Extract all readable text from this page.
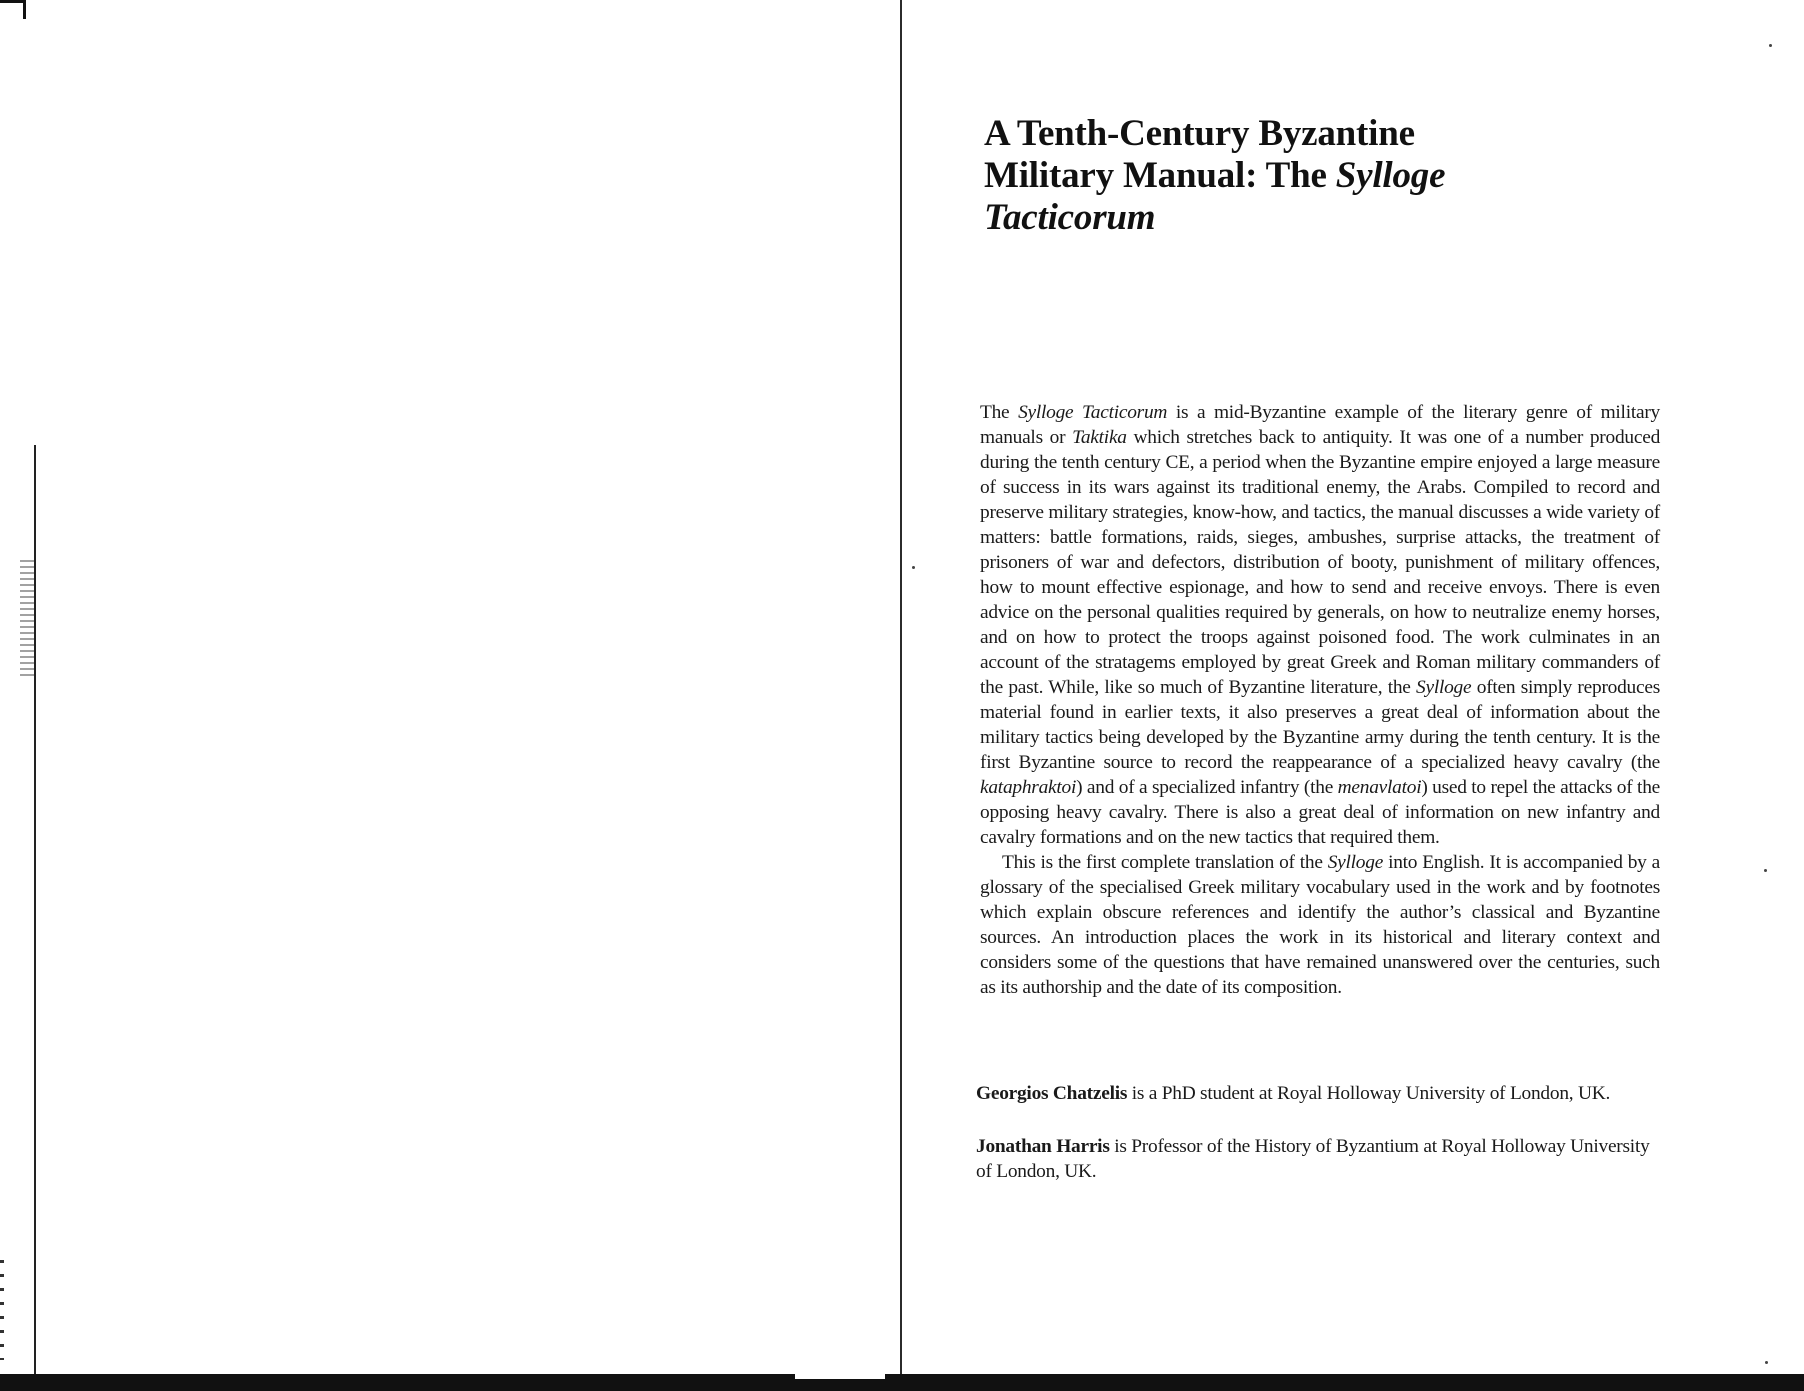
A Tenth-Century Byzantine
Military Manual: The Sylloge
Tacticorum

The Sylloge Tacticorum is a mid-Byzantine example of the literary genre of military manuals or Taktika which stretches back to antiquity. It was one of a number produced during the tenth century CE, a period when the Byzantine empire enjoyed a large measure of success in its wars against its traditional enemy, the Arabs. Compiled to record and preserve military strategies, know-how, and tactics, the manual discusses a wide variety of matters: battle formations, raids, sieges, ambushes, surprise attacks, the treatment of prisoners of war and defectors, distribution of booty, punishment of military offences, how to mount effective espionage, and how to send and receive envoys. There is even advice on the personal qualities required by generals, on how to neutralize enemy horses, and on how to protect the troops against poisoned food. The work culminates in an account of the stratagems employed by great Greek and Roman military commanders of the past. While, like so much of Byzantine literature, the Sylloge often simply reproduces material found in earlier texts, it also preserves a great deal of information about the military tactics being developed by the Byzantine army during the tenth century. It is the first Byzantine source to record the reappearance of a specialized heavy cavalry (the kataphraktoi) and of a specialized infantry (the menavlatoi) used to repel the attacks of the opposing heavy cavalry. There is also a great deal of information on new infantry and cavalry formations and on the new tactics that required them.

This is the first complete translation of the Sylloge into English. It is accompanied by a glossary of the specialised Greek military vocabulary used in the work and by footnotes which explain obscure references and identify the author’s classical and Byzantine sources. An introduction places the work in its historical and literary context and considers some of the questions that have remained unanswered over the centuries, such as its authorship and the date of its composition.

Georgios Chatzelis is a PhD student at Royal Holloway University of London, UK.

Jonathan Harris is Professor of the History of Byzantium at Royal Holloway University of London, UK.
